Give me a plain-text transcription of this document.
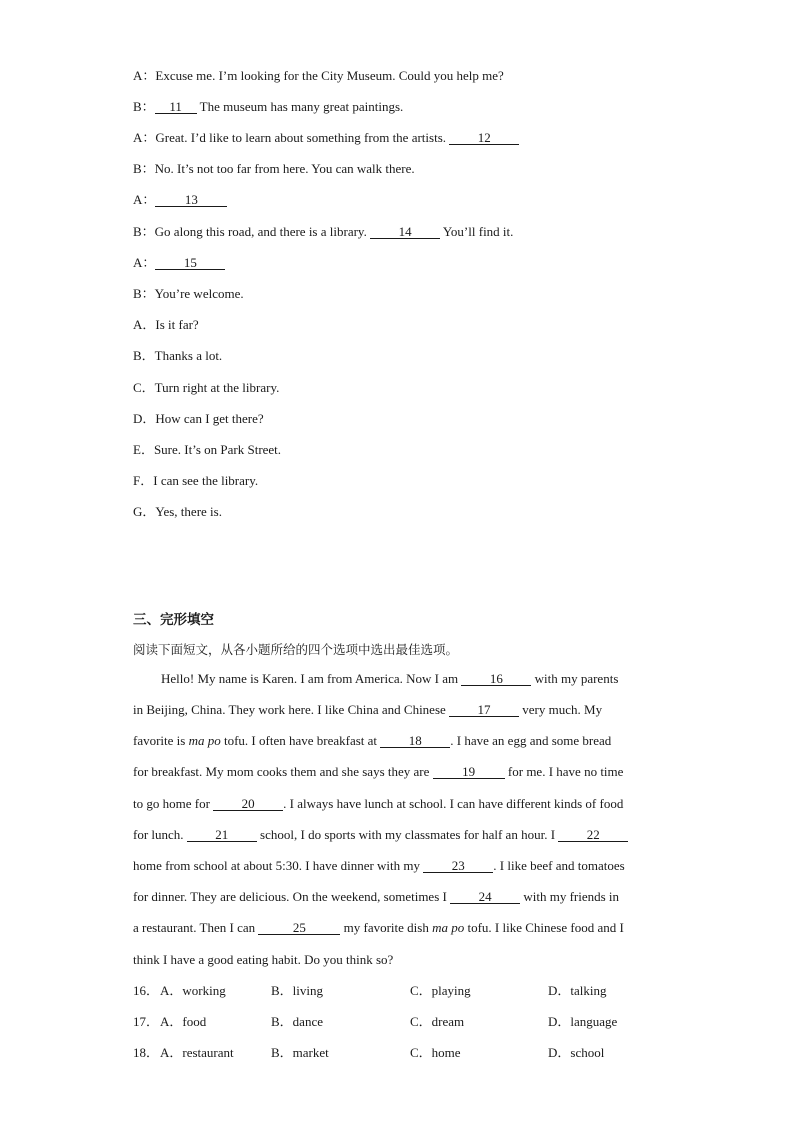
A：Excuse me. I’m looking for the City Museum. Could you help me?
B： 11 The museum has many great paintings.
A：Great. I’d like to learn about something from the artists. 12
B：No. It’s not too far from here. You can walk there.
A： 13
B：Go along this road, and there is a library. 14 You’ll find it.
A： 15
B：You’re welcome.
A．Is it far?
B．Thanks a lot.
C．Turn right at the library.
D．How can I get there?
E．Sure. It’s on Park Street.
F．I can see the library.
G．Yes, there is.
三、完形填空
阅读下面短文，从各小题所给的四个选项中选出最佳选项。
Hello! My name is Karen. I am from America. Now I am 16 with my parents
in Beijing, China. They work here. I like China and Chinese 17 very much. My
favorite is ma po tofu. I often have breakfast at 18 . I have an egg and some bread
for breakfast. My mom cooks them and she says they are 19 for me. I have no time
to go home for 20 . I always have lunch at school. I can have different kinds of food
for lunch. 21 school, I do sports with my classmates for half an hour. I 22
home from school at about 5:30. I have dinner with my 23 . I like beef and tomatoes
for dinner. They are delicious. On the weekend, sometimes I 24 with my friends in
a restaurant. Then I can	25	my favorite dish ma po tofu. I like Chinese food and I
think I have a good eating habit. Do you think so?
16． A．working	B．living	C．playing	D．talking
17． A．food	B．dance	C．dream	D．language
18． A．restaurant	B．market	C．home	D．school
